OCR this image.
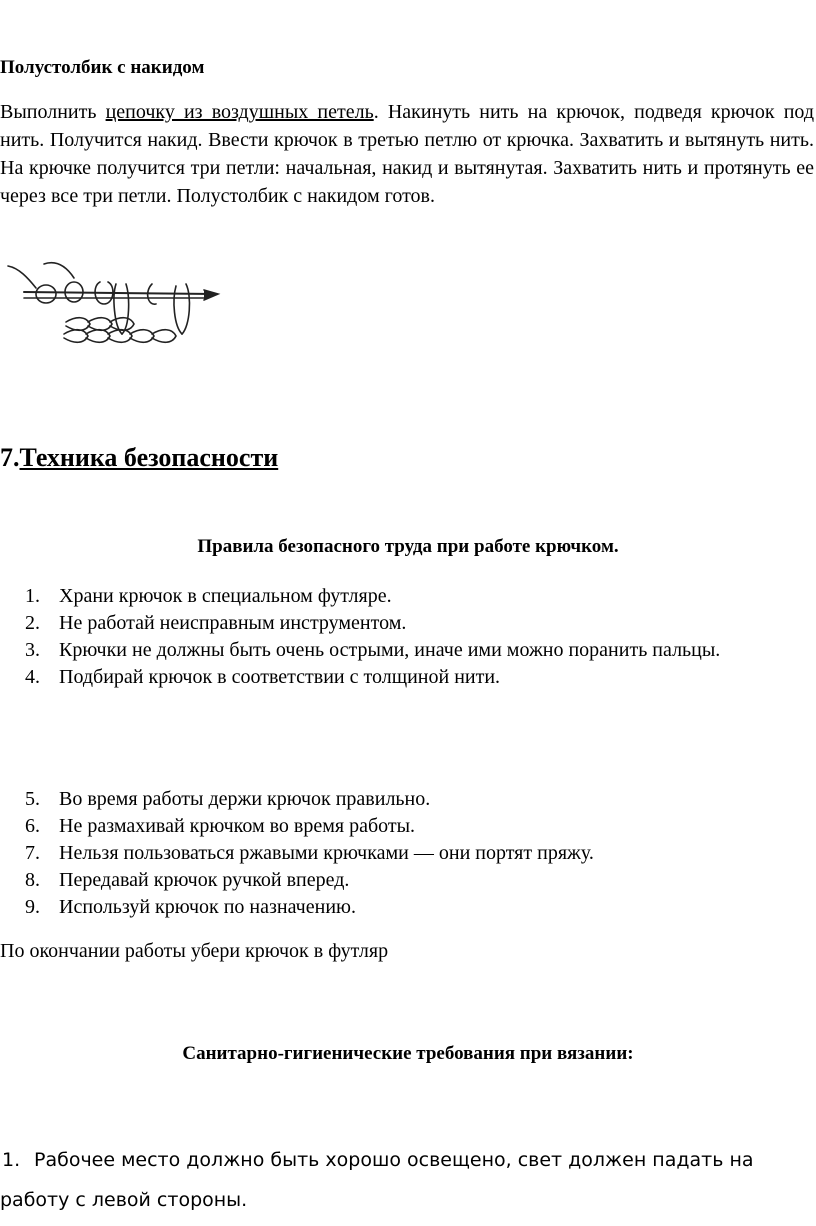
Полустолбик с накидом
Выполнить цепочку из воздушных петель. Накинуть нить на крючок, подведя крючок под нить. Получится накид. Ввести крючок в третью петлю от крючка. Захватить и вытянуть нить. На крючке получится три петли: начальная, накид и вытянутая. Захватить нить и протянуть ее через все три петли. Полустолбик с накидом готов.
7.Техника безопасности
Правила безопасного труда при работе крючком.
1. Храни крючок в специальном футляре.
2. Не работай неисправным инструментом.
3. Крючки не должны быть очень острыми, иначе ими можно поранить пальцы.
4. Подбирай крючок в соответствии с толщиной нити.
5. Во время работы держи крючок правильно.
6. Не размахивай крючком во время работы.
7. Нельзя пользоваться ржавыми крючками — они портят пряжу.
8. Передавай крючок ручкой вперед.
9. Используй крючок по назначению.
По окончании работы убери крючок в футляр
Санитарно-гигиенические требования при вязании:
1. Рабочее место должно быть хорошо освещено, свет должен падать на работу с левой стороны.
